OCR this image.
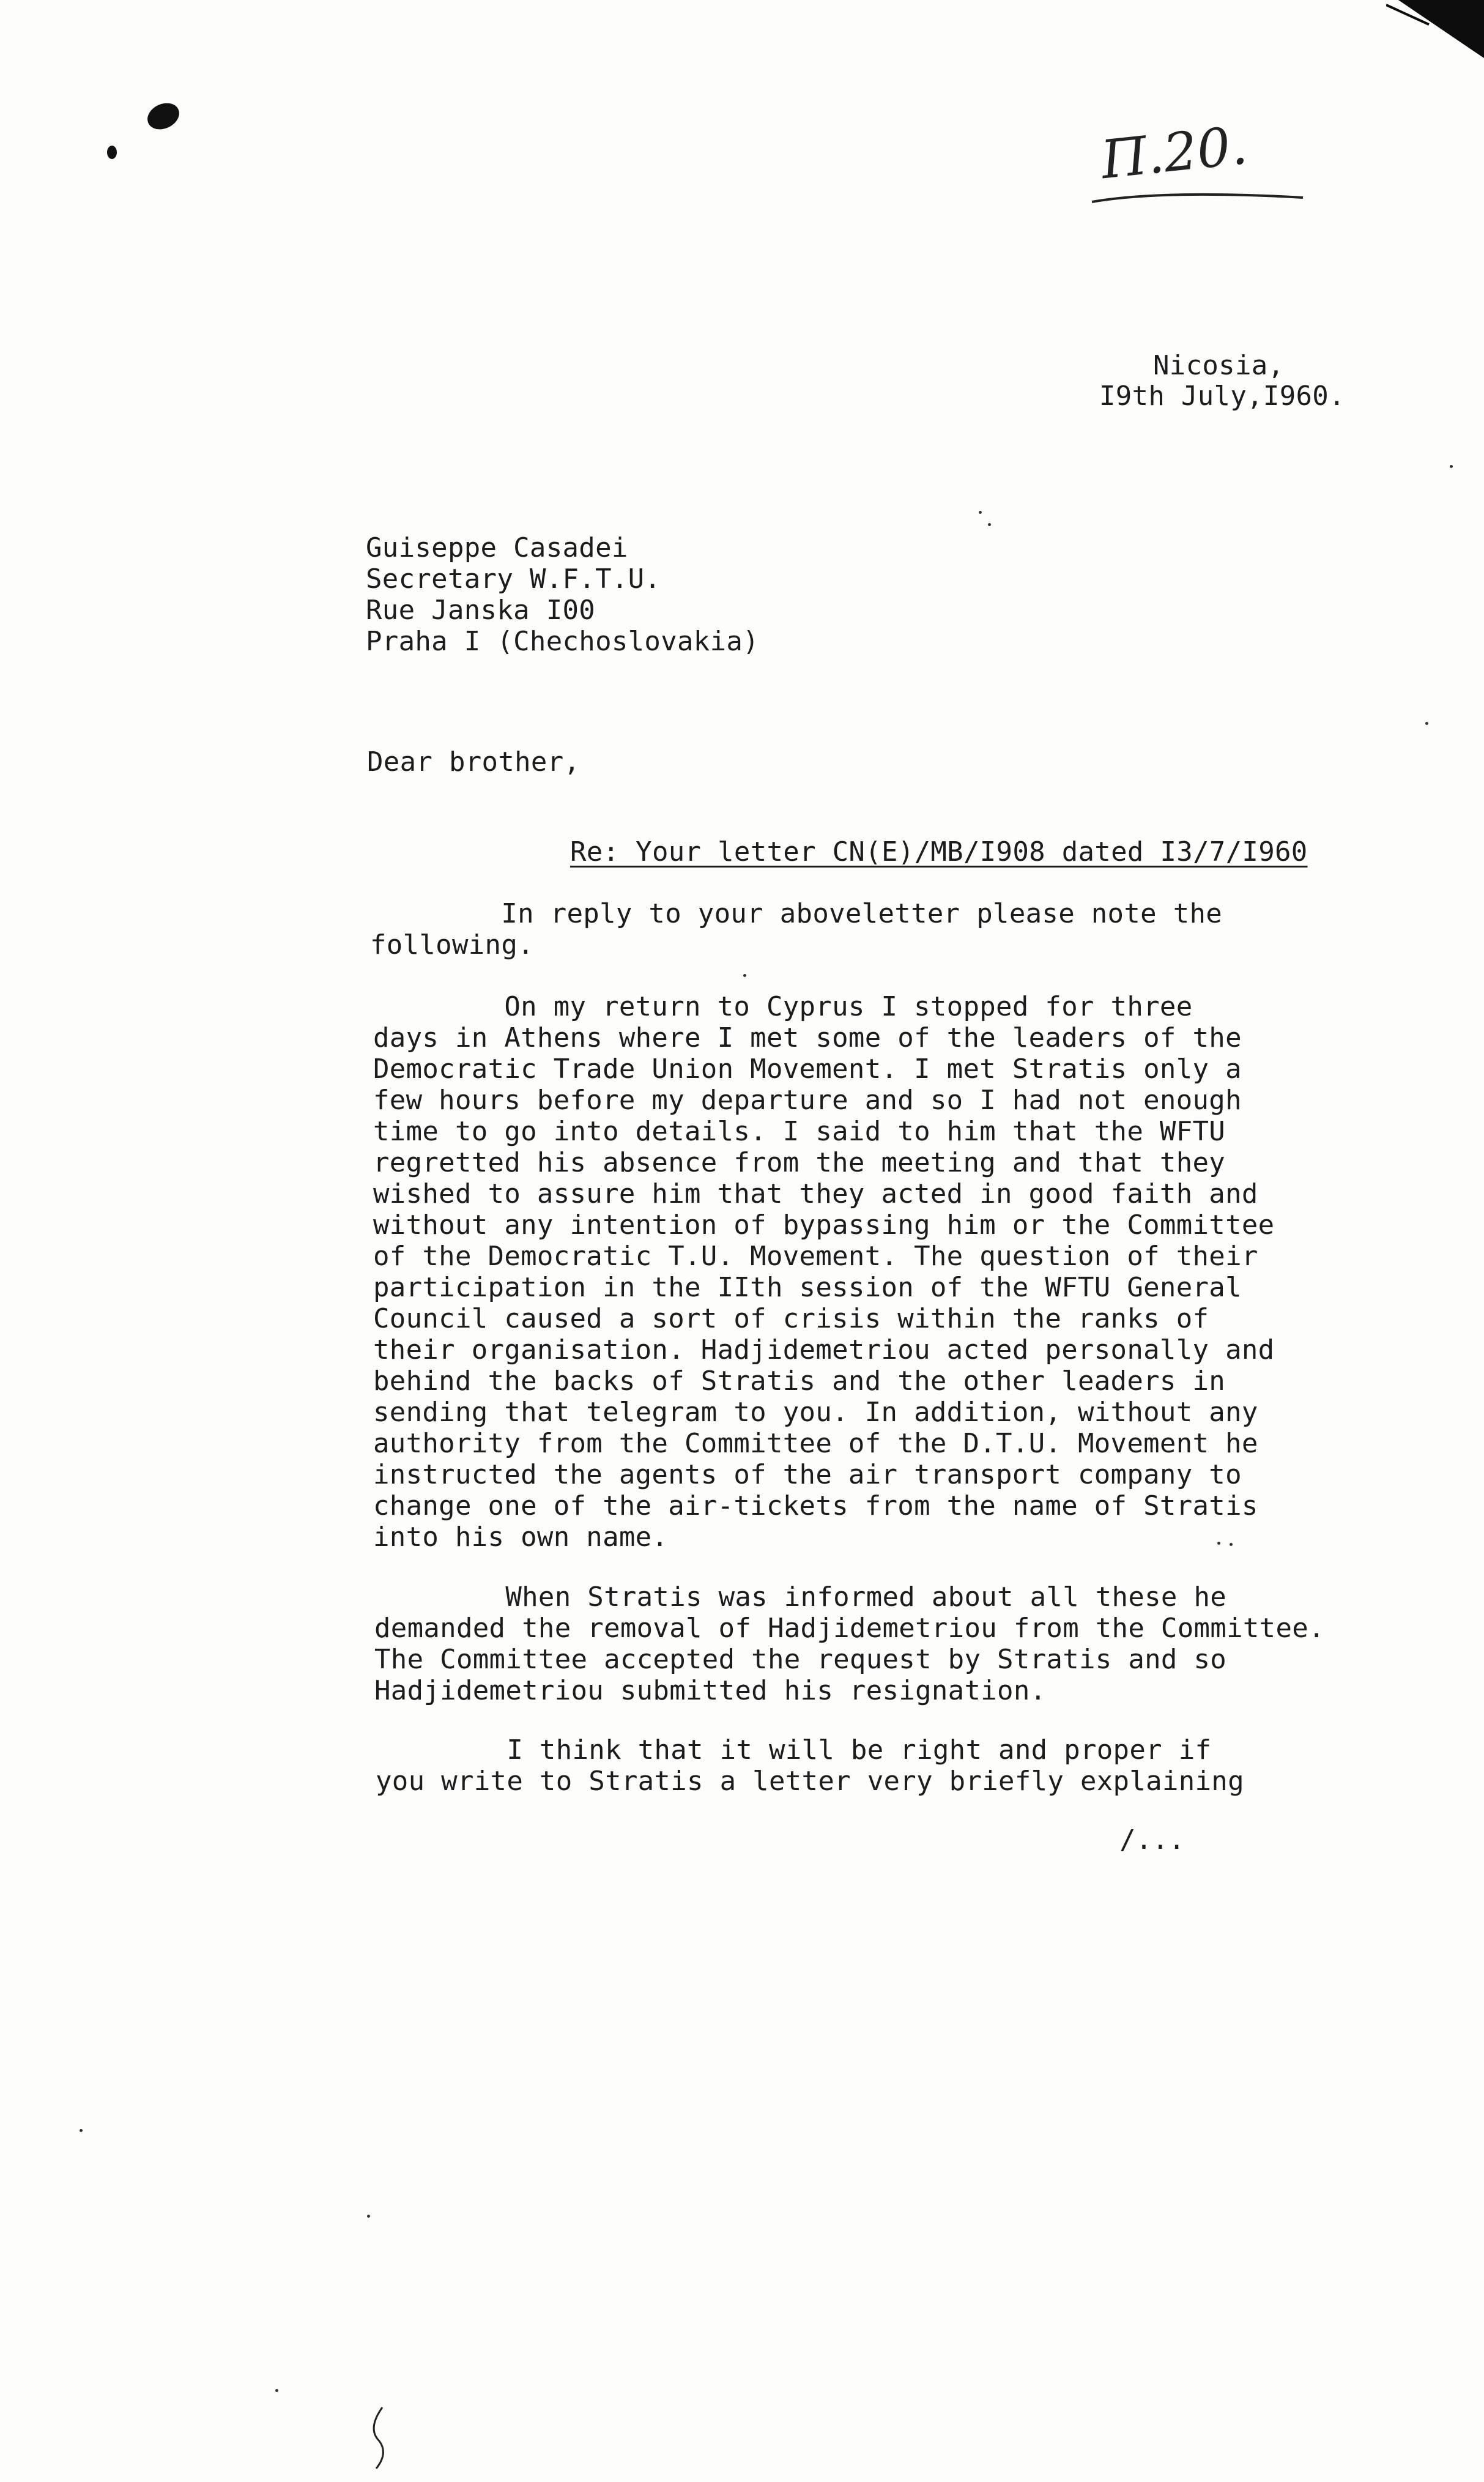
Π.20.
Nicosia,
I9th July,I960.
Guiseppe Casadei
Secretary W.F.T.U.
Rue Janska I00
Praha I (Chechoslovakia)
Dear brother,
Re: Your letter CN(E)/MB/I908 dated I3/7/I960
In reply to your aboveletter please note the
following.
On my return to Cyprus I stopped for three
days in Athens where I met some of the leaders of the
Democratic Trade Union Movement. I met Stratis only a
few hours before my departure and so I had not enough
time to go into details. I said to him that the WFTU
regretted his absence from the meeting and that they
wished to assure him that they acted in good faith and
without any intention of bypassing him or the Committee
of the Democratic T.U. Movement. The question of their
participation in the IIth session of the WFTU General
Council caused a sort of crisis within the ranks of
their organisation. Hadjidemetriou acted personally and
behind the backs of Stratis and the other leaders in
sending that telegram to you. In addition, without any
authority from the Committee of the D.T.U. Movement he
instructed the agents of the air transport company to
change one of the air-tickets from the name of Stratis
into his own name.
When Stratis was informed about all these he
demanded the removal of Hadjidemetriou from the Committee.
The Committee accepted the request by Stratis and so
Hadjidemetriou submitted his resignation.
I think that it will be right and proper if
you write to Stratis a letter very briefly explaining
/...
